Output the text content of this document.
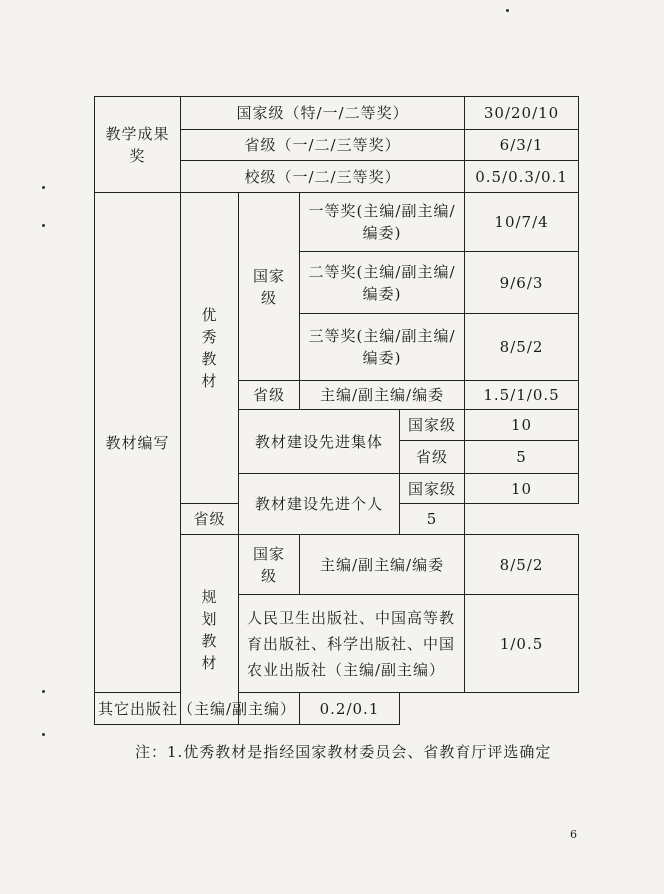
教学成果奖	国家级（特/一/二等奖）				30/20/10
	省级（一/二/三等奖）				6/3/1
	校级（一/二/三等奖）				0.5/0.3/0.1
教材编写	优秀教材	国家级	一等奖(主编/副主编/编委)		10/7/4
			二等奖(主编/副主编/编委)		9/6/3
			三等奖(主编/副主编/编委)		8/5/2
		省级	主编/副主编/编委		1.5/1/0.5
		教材建设先进集体		国家级	10
				省级	5
		教材建设先进个人		国家级	10
	省级			5	
	规划教材	国家级	主编/副主编/编委		8/5/2
		人民卫生出版社、中国高等教育出版社、科学出版社、中国农业出版社（主编/副主编）			1/0.5
其它出版社（主编/副主编）			0.2/0.1		
注：1.优秀教材是指经国家教材委员会、省教育厅评选确定
6
